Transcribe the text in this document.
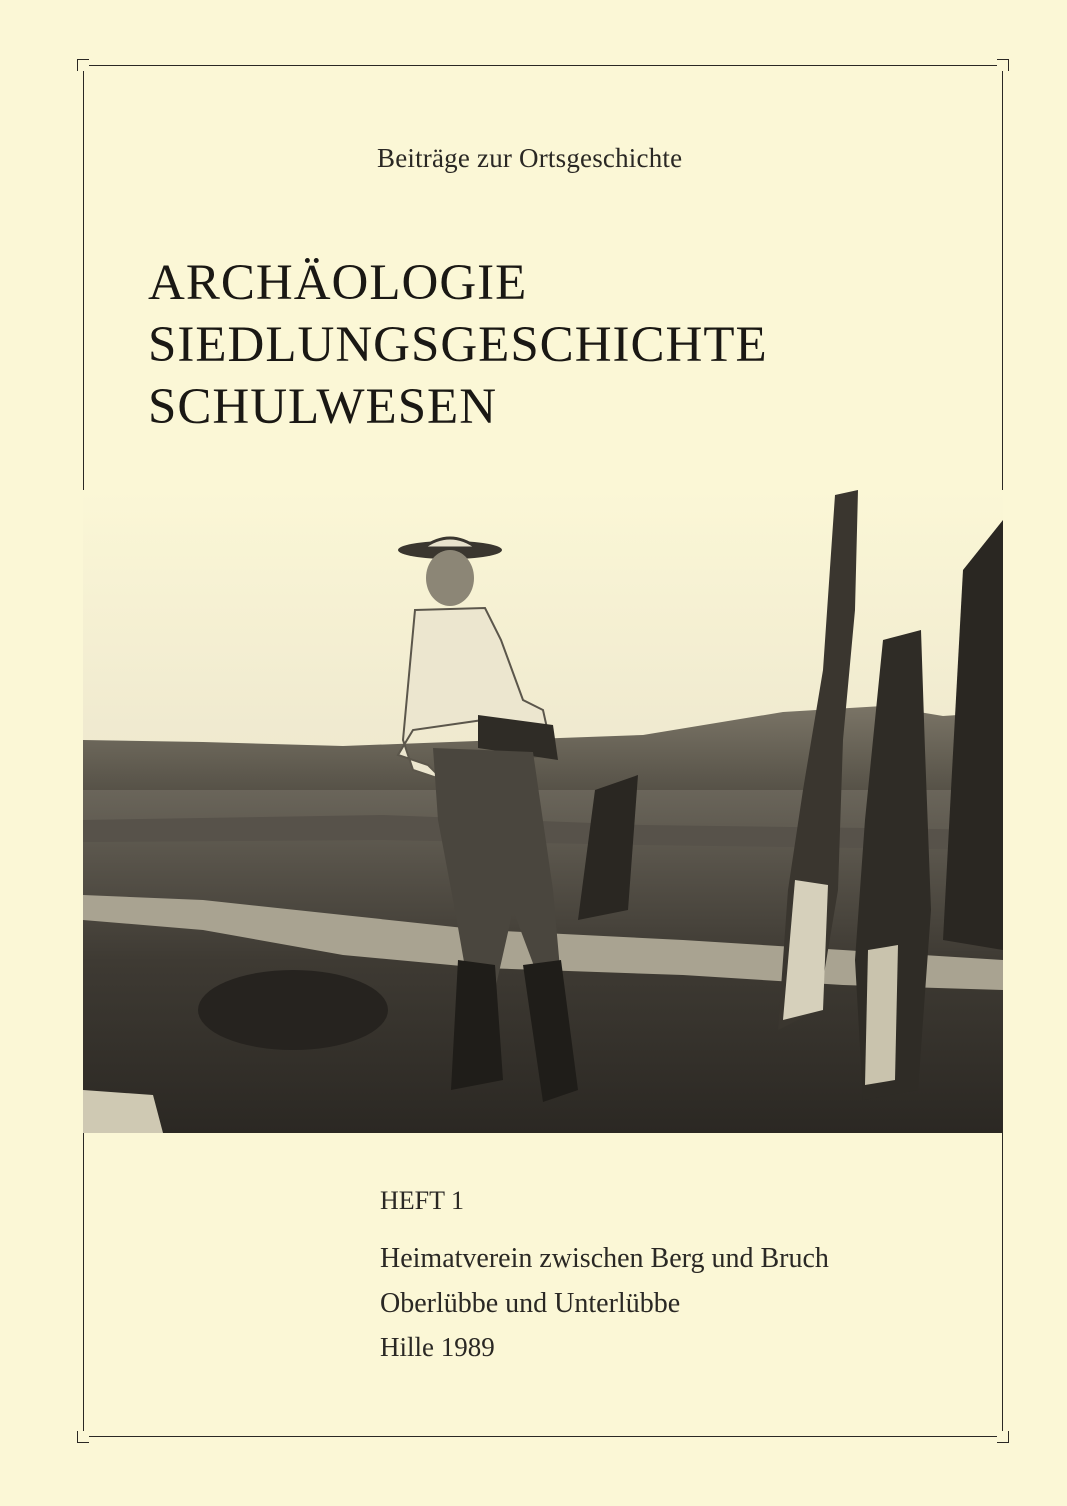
Beiträge zur Ortsgeschichte
ARCHÄOLOGIE
SIEDLUNGSGESCHICHTE
SCHULWESEN
HEFT 1
Heimatverein zwischen Berg und Bruch
Oberlübbe und Unterlübbe
Hille 1989
